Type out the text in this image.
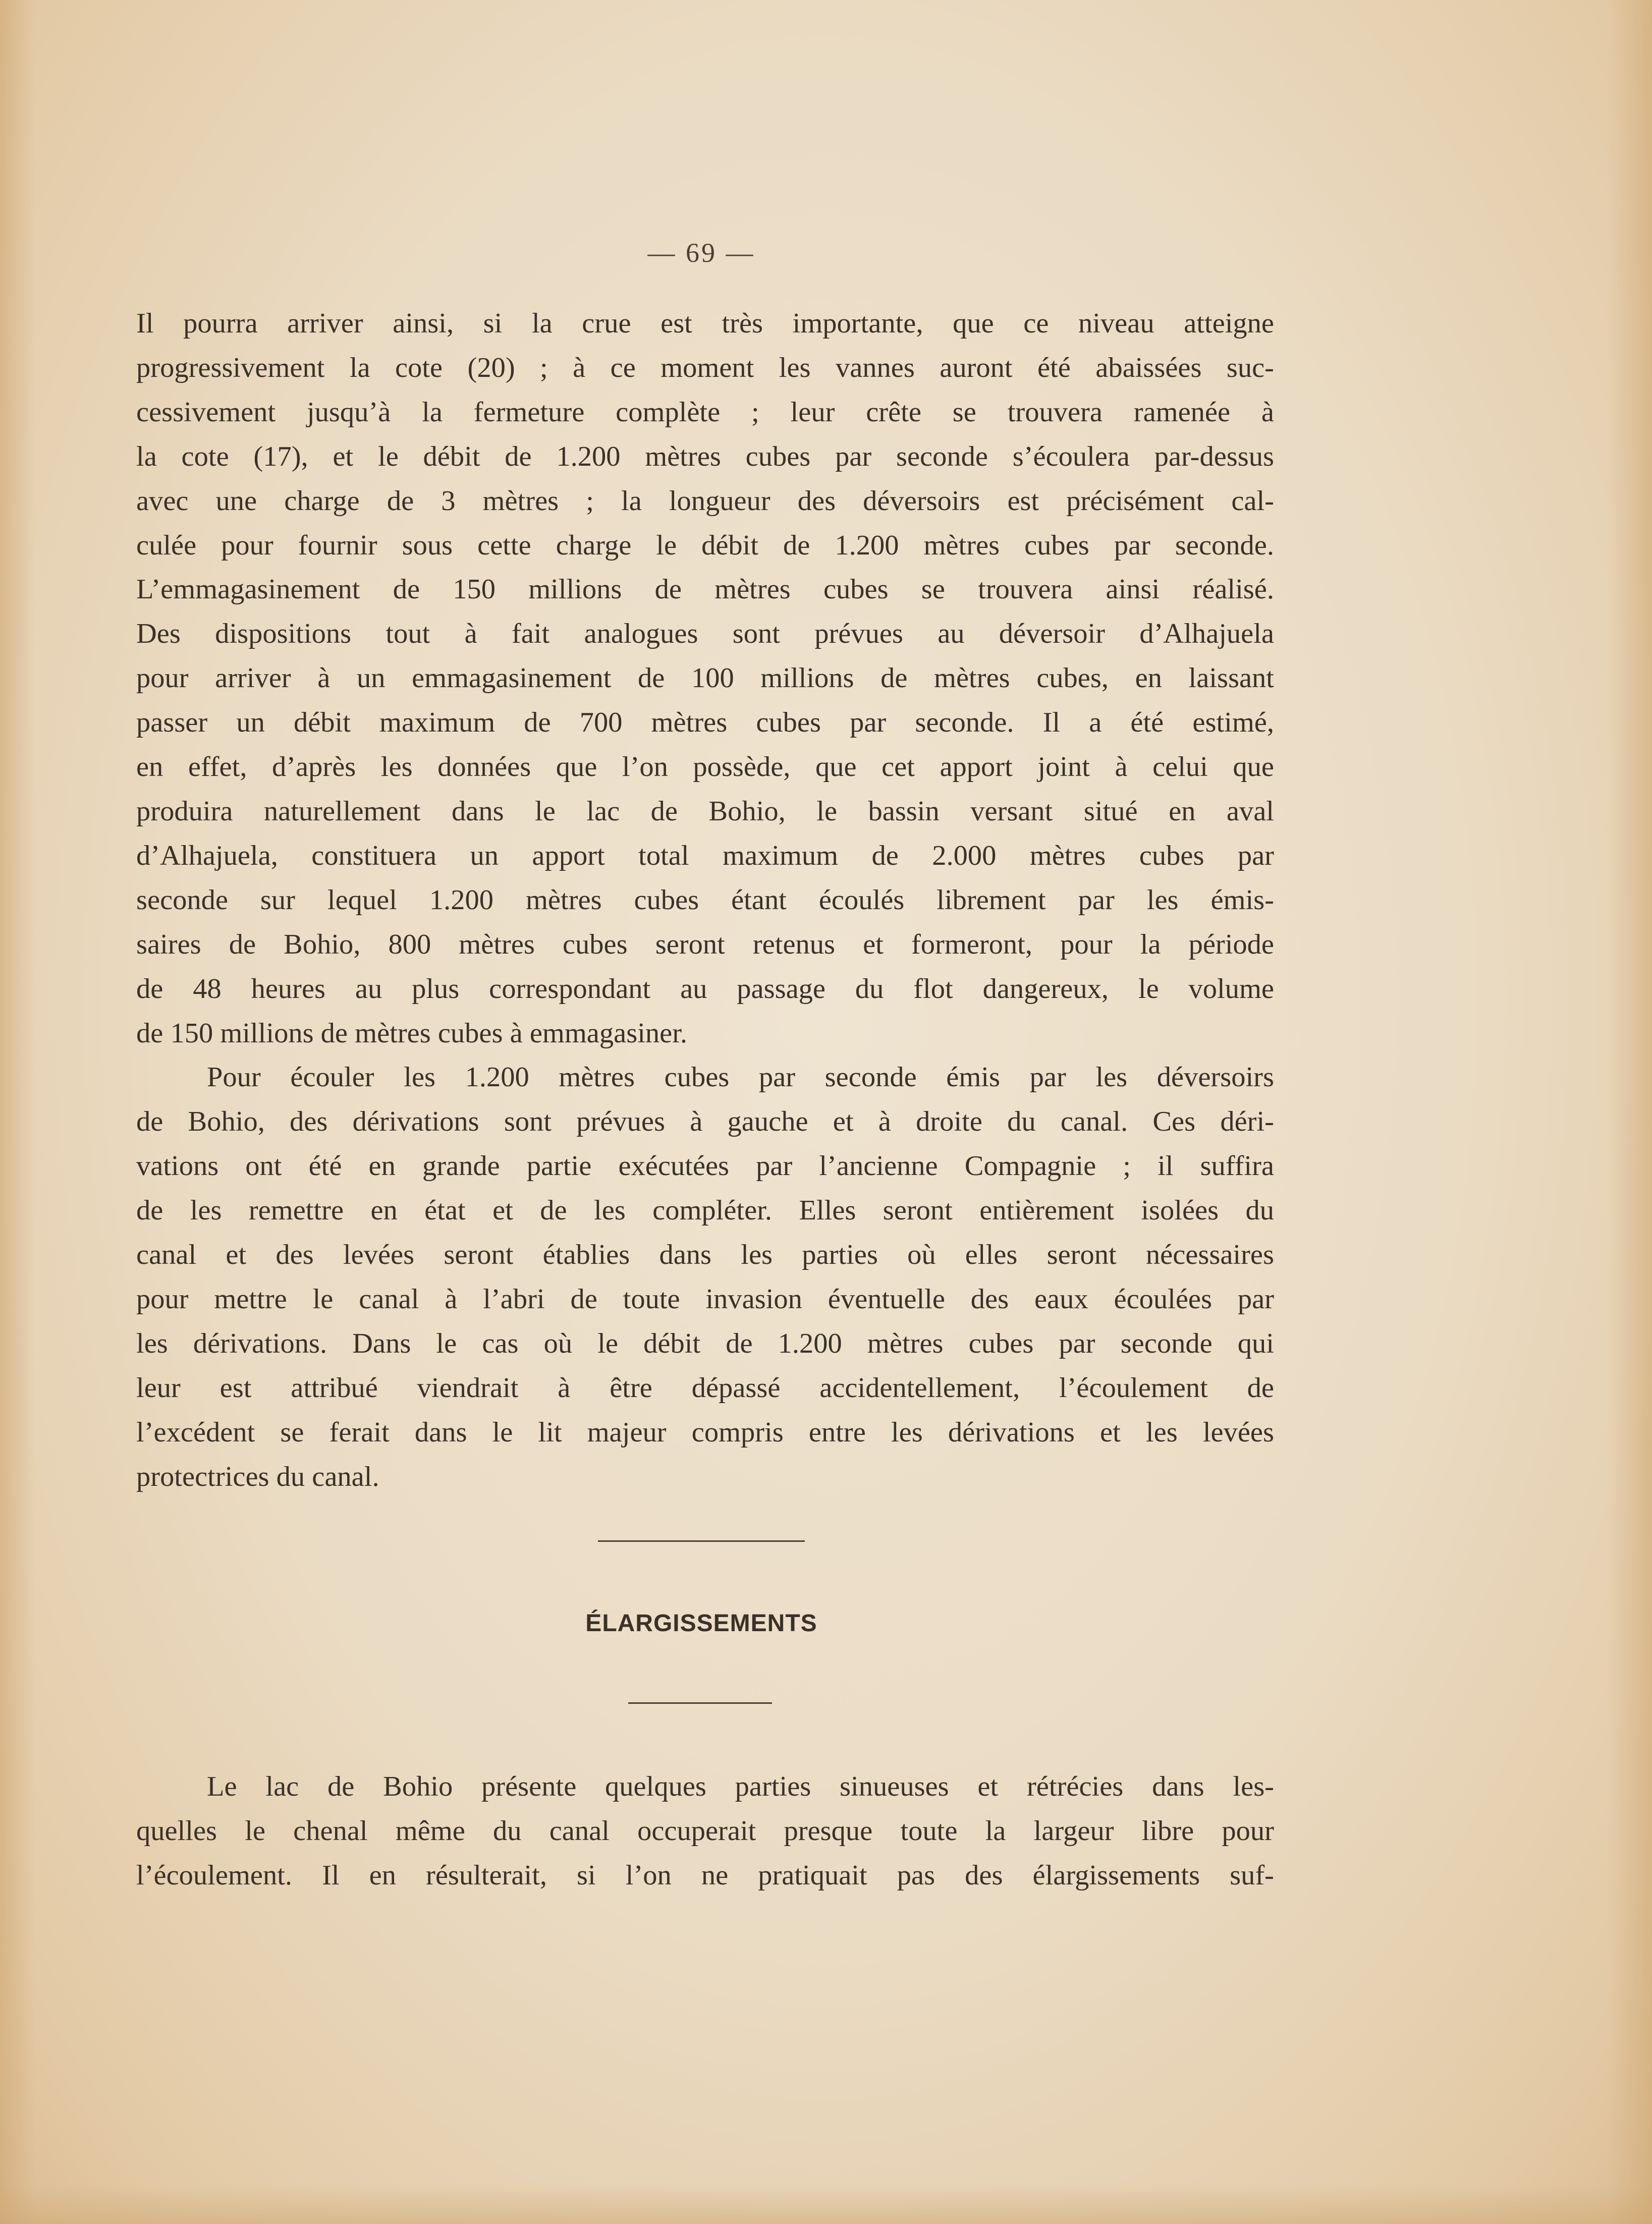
— 69 —
Il pourra arriver ainsi, si la crue est très importante, que ce niveau atteigne
progressivement la cote (20) ; à ce moment les vannes auront été abaissées suc-
cessivement jusqu’à la fermeture complète ; leur crête se trouvera ramenée à
la cote (17), et le débit de 1.200 mètres cubes par seconde s’écoulera par-dessus
avec une charge de 3 mètres ; la longueur des déversoirs est précisément cal-
culée pour fournir sous cette charge le débit de 1.200 mètres cubes par seconde.
L’emmagasinement de 150 millions de mètres cubes se trouvera ainsi réalisé.
Des dispositions tout à fait analogues sont prévues au déversoir d’Alhajuela
pour arriver à un emmagasinement de 100 millions de mètres cubes, en laissant
passer un débit maximum de 700 mètres cubes par seconde. Il a été estimé,
en effet, d’après les données que l’on possède, que cet apport joint à celui que
produira naturellement dans le lac de Bohio, le bassin versant situé en aval
d’Alhajuela, constituera un apport total maximum de 2.000 mètres cubes par
seconde sur lequel 1.200 mètres cubes étant écoulés librement par les émis-
saires de Bohio, 800 mètres cubes seront retenus et formeront, pour la période
de 48 heures au plus correspondant au passage du flot dangereux, le volume
de 150 millions de mètres cubes à emmagasiner.
Pour écouler les 1.200 mètres cubes par seconde émis par les déversoirs
de Bohio, des dérivations sont prévues à gauche et à droite du canal. Ces déri-
vations ont été en grande partie exécutées par l’ancienne Compagnie ; il suffira
de les remettre en état et de les compléter. Elles seront entièrement isolées du
canal et des levées seront établies dans les parties où elles seront nécessaires
pour mettre le canal à l’abri de toute invasion éventuelle des eaux écoulées par
les dérivations. Dans le cas où le débit de 1.200 mètres cubes par seconde qui
leur est attribué viendrait à être dépassé accidentellement, l’écoulement de
l’excédent se ferait dans le lit majeur compris entre les dérivations et les levées
protectrices du canal.
ÉLARGISSEMENTS
Le lac de Bohio présente quelques parties sinueuses et rétrécies dans les-
quelles le chenal même du canal occuperait presque toute la largeur libre pour
l’écoulement. Il en résulterait, si l’on ne pratiquait pas des élargissements suf-
